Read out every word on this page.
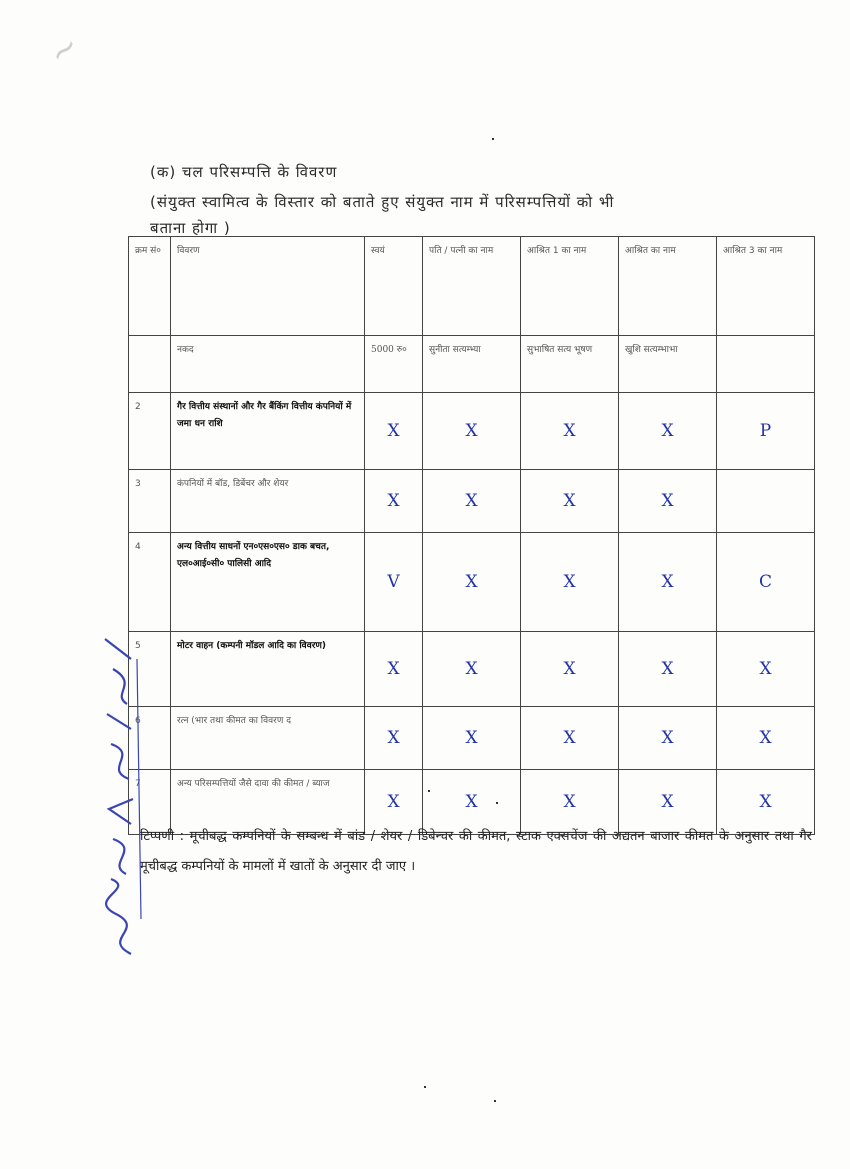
~
(क) चल परिसम्पत्ति के विवरण
(संयुक्त स्वामित्व के विस्तार को बताते हुए संयुक्त नाम में परिसम्पत्तियों को भी
बताना होगा )
क्रम सं०	विवरण	स्वयं	पति / पत्नी का नाम	आश्रित 1 का नाम	आश्रित का नाम	आश्रित 3 का नाम
	नकद	5000 रु०	सुनीता सत्यम्भ्या	सुभाषित सत्य भूषण	खुशि सत्यम्भाभा	
2	गैर वित्तीय संस्थानों और गैर बैंकिंग वित्तीय कंपनियों में जमा धन राशि	X	X	X	X	P
3	कंपनियों में बॉड, डिबेंचर और शेयर	X	X	X	X	
4	अन्य वित्तीय साधनों एन०एस०एस० डाक बचत, एल०आई०सी० पालिसी आदि	V	X	X	X	C
5	मोटर वाहन (कम्पनी मॉडल आदि का विवरण)	X	X	X	X	X
6	रत्न (भार तथा कीमत का विवरण द	X	X	X	X	X
7	अन्य परिसम्पत्तियों जैसे दावा की कीमत / ब्याज	X	X	X	X	X
टिप्पणी : मूचीबद्ध कम्पनियों के सम्बन्ध में बांड / शेयर / डिबेन्चर की कीमत, स्टाक एक्सचेंज की अद्यतन बाजार कीमत के अनुसार तथा गैर मूचीबद्ध कम्पनियों के मामलों में खातों के अनुसार दी जाए ।
